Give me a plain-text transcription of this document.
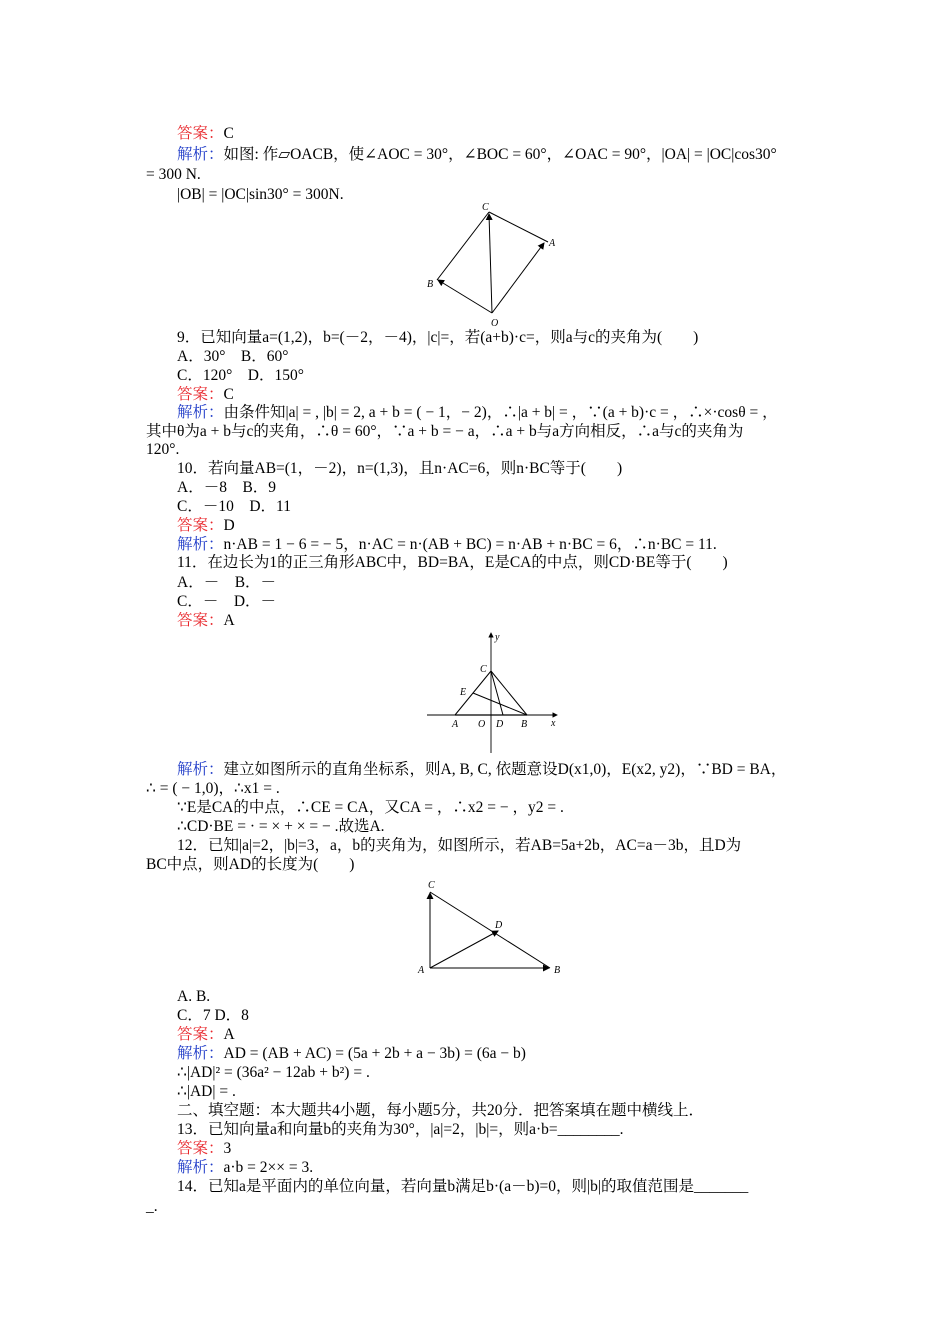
答案：C
解析：如图: 作▱OACB，使∠AOC = 30°，∠BOC = 60°，∠OAC = 90°，|OA| = |OC|cos30°
= 300 N.
|OB| = |OC|sin30° = 300N.
C
A
B
O
9．已知向量a=(1,2)，b=(－2，－4)，|c|=，若(a+b)·c=，则a与c的夹角为(　　)
A．30°　B．60°
C．120°　D．150°
答案：C
解析：由条件知|a| = , |b| = 2, a + b = ( − 1，− 2)，∴|a + b| = ，∵(a + b)·c = ，∴×·cosθ = ，
其中θ为a + b与c的夹角，∴θ = 60°，∵a + b = − a，∴a + b与a方向相反，∴a与c的夹角为
120°.
10．若向量AB=(1，－2)，n=(1,3)，且n·AC=6，则n·BC等于(　　)
A．－8　B．9
C．－10　D．11
答案：D
解析：n·AB = 1 − 6 = − 5，n·AC = n·(AB + BC) = n·AB + n·BC = 6，∴n·BC = 11.
11．在边长为1的正三角形ABC中，BD=BA，E是CA的中点，则CD·BE等于(　　)
A．－　B．－
C．－　D．－
答案：A
y
x
C
E
A O D B
解析：建立如图所示的直角坐标系，则A, B, C, 依题意设D(x1,0)，E(x2, y2)，∵BD = BA，
∴ = ( − 1,0)，∴x1 = .
∵E是CA的中点，∴CE = CA，又CA = ，∴x2 = − ，y2 = .
∴CD·BE = · = × + × = − .故选A.
12．已知|a|=2，|b|=3，a，b的夹角为，如图所示，若AB=5a+2b，AC=a－3b，且D为
BC中点，则AD的长度为(　　)
C
D
A	B
A. B.
C．7 D．8
答案：A
解析：AD = (AB + AC) = (5a + 2b + a − 3b) = (6a − b)
∴|AD|² = (36a² − 12ab + b²) = .
∴|AD| = .
二、填空题：本大题共4小题，每小题5分，共20分．把答案填在题中横线上．
13．已知向量a和向量b的夹角为30°，|a|=2，|b|=，则a·b=________.
答案：3
解析：a·b = 2×× = 3.
14．已知a是平面内的单位向量，若向量b满足b·(a－b)=0，则|b|的取值范围是_______
_.
